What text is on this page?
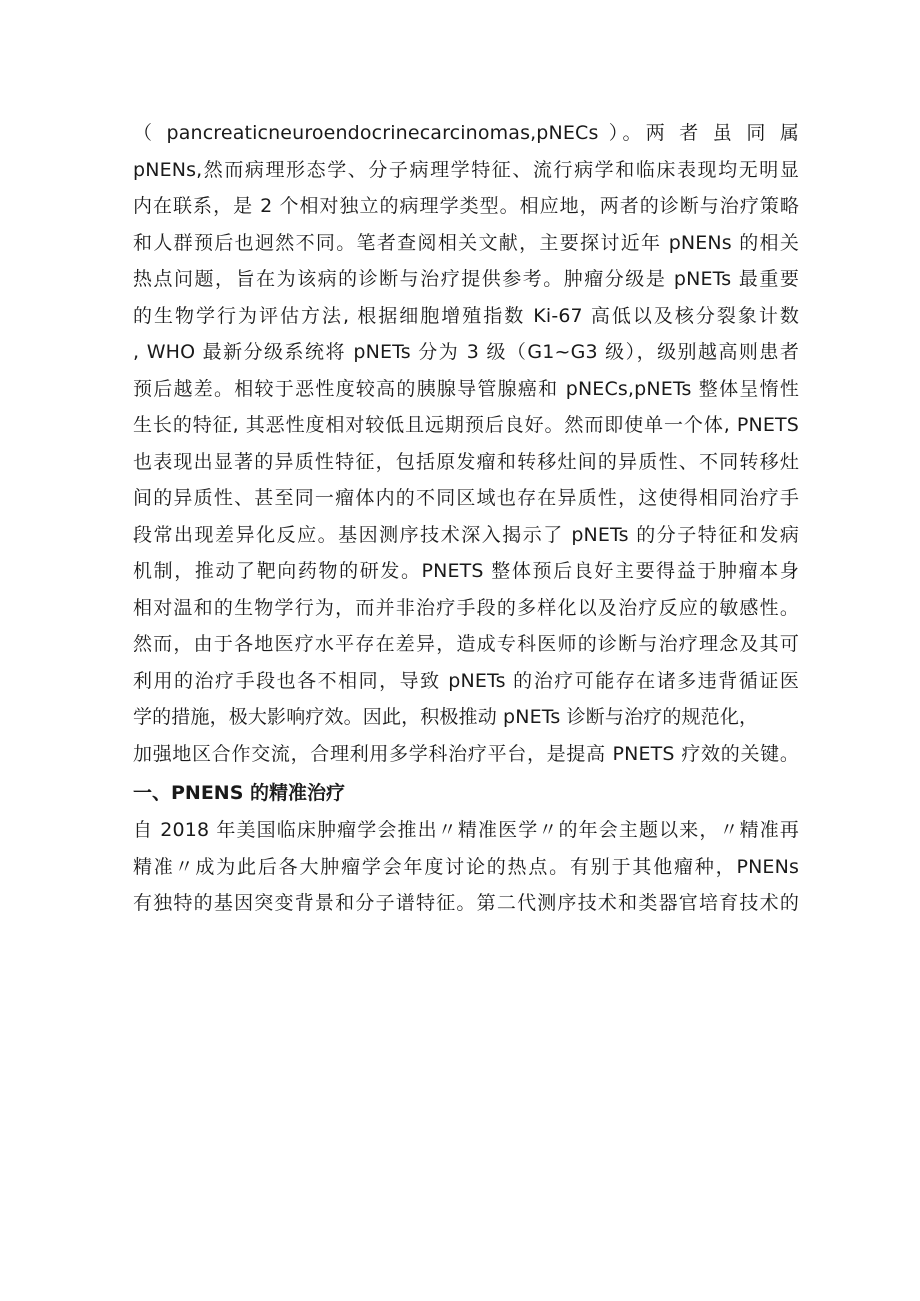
（ pancreaticneuroendocrinecarcinomas,pNECs ）。两 者 虽 同 属
pNENs,然而病理形态学、分子病理学特征、流行病学和临床表现均无明显
内在联系，是 2 个相对独立的病理学类型。相应地，两者的诊断与治疗策略
和人群预后也迥然不同。笔者查阅相关文献，主要探讨近年 pNENs 的相关
热点问题，旨在为该病的诊断与治疗提供参考。肿瘤分级是 pNETs 最重要
的生物学行为评估方法, 根据细胞增殖指数 Ki-67 高低以及核分裂象计数
, WHO 最新分级系统将 pNETs 分为 3 级（G1~G3 级），级别越高则患者
预后越差。相较于恶性度较高的胰腺导管腺癌和 pNECs,pNETs 整体呈惰性
生长的特征, 其恶性度相对较低且远期预后良好。然而即使单一个体, PNETS
也表现出显著的异质性特征，包括原发瘤和转移灶间的异质性、不同转移灶
间的异质性、甚至同一瘤体内的不同区域也存在异质性，这使得相同治疗手
段常出现差异化反应。基因测序技术深入揭示了 pNETs 的分子特征和发病
机制，推动了靶向药物的研发。PNETS 整体预后良好主要得益于肿瘤本身
相对温和的生物学行为，而并非治疗手段的多样化以及治疗反应的敏感性。
然而，由于各地医疗水平存在差异，造成专科医师的诊断与治疗理念及其可
利用的治疗手段也各不相同，导致 pNETs 的治疗可能存在诸多违背循证医
学的措施，极大影响疗效。因此，积极推动 pNETs 诊断与治疗的规范化，
加强地区合作交流，合理利用多学科治疗平台，是提高 PNETS 疗效的关键。
一、PNENS 的精准治疗
自 2018 年美国临床肿瘤学会推出〃精准医学〃的年会主题以来，〃精准再
精准〃成为此后各大肿瘤学会年度讨论的热点。有别于其他瘤种，PNENs
有独特的基因突变背景和分子谱特征。第二代测序技术和类器官培育技术的
